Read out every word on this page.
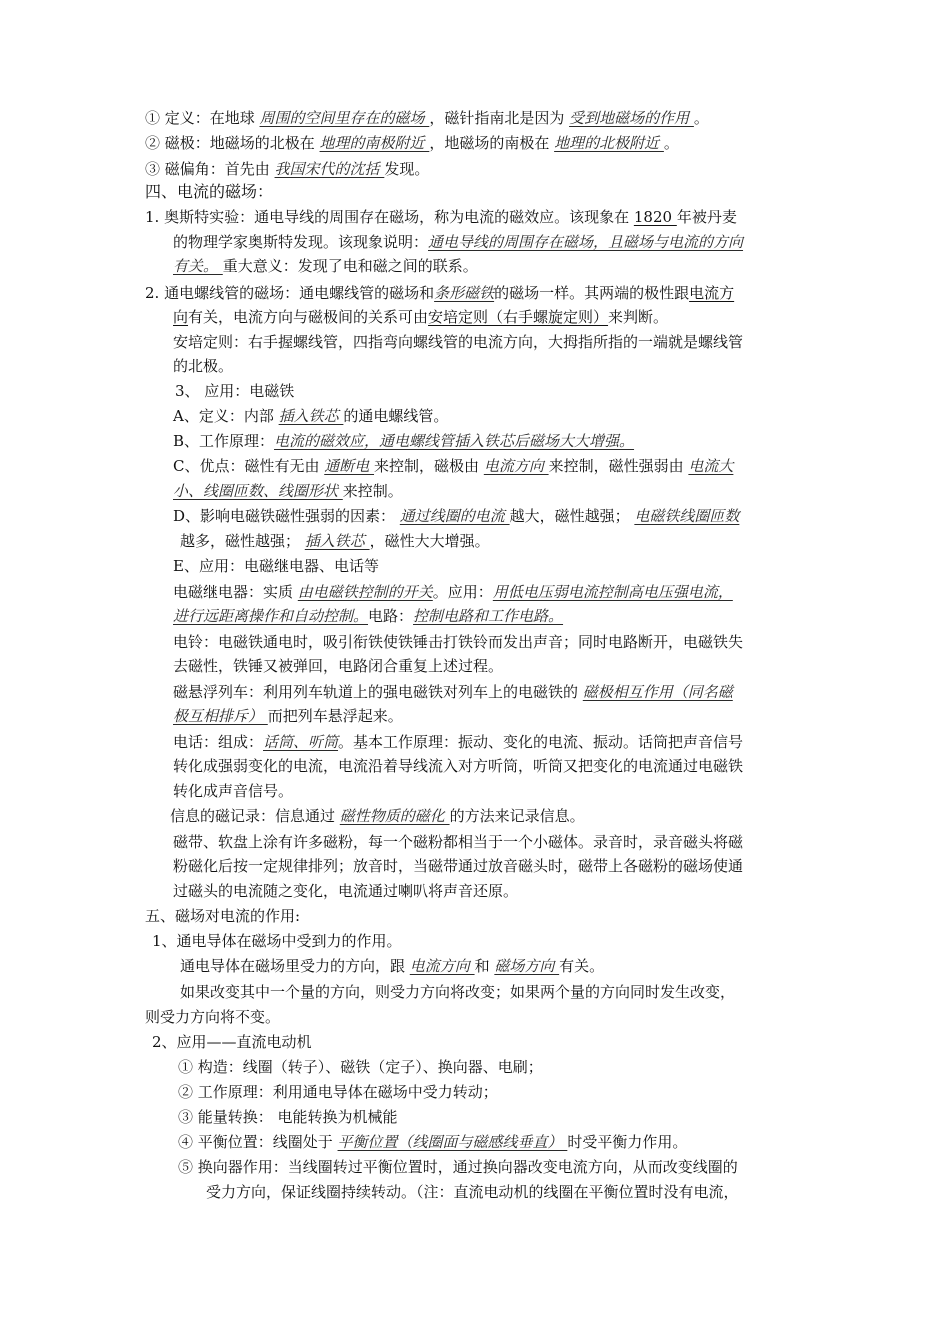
① 定义：在地球 周围的空间里存在的磁场 ，磁针指南北是因为 受到地磁场的作用 。
② 磁极：地磁场的北极在 地理的南极附近 ，地磁场的南极在 地理的北极附近 。
③ 磁偏角：首先由 我国宋代的沈括 发现。
四、电流的磁场：
1. 奥斯特实验：通电导线的周围存在磁场，称为电流的磁效应。该现象在 1820 年被丹麦
的物理学家奥斯特发现。该现象说明：通电导线的周围存在磁场，且磁场与电流的方向
有关。 重大意义：发现了电和磁之间的联系。
2. 通电螺线管的磁场：通电螺线管的磁场和条形磁铁的磁场一样。其两端的极性跟电流方
向有关，电流方向与磁极间的关系可由安培定则（右手螺旋定则）来判断。
安培定则：右手握螺线管，四指弯向螺线管的电流方向，大拇指所指的一端就是螺线管
的北极。
3、 应用：电磁铁
A、定义：内部 插入铁芯 的通电螺线管。
B、工作原理：电流的磁效应，通电螺线管插入铁芯后磁场大大增强。
C、优点：磁性有无由 通断电 来控制，磁极由 电流方向 来控制，磁性强弱由 电流大
小、线圈匝数、线圈形状 来控制。
D、影响电磁铁磁性强弱的因素： 通过线圈的电流 越大，磁性越强； 电磁铁线圈匝数
越多，磁性越强； 插入铁芯 ，磁性大大增强。
E、应用：电磁继电器、电话等
电磁继电器：实质 由电磁铁控制的开关。应用：用低电压弱电流控制高电压强电流，
进行远距离操作和自动控制。电路：控制电路和工作电路。
电铃：电磁铁通电时，吸引衔铁使铁锤击打铁铃而发出声音；同时电路断开，电磁铁失
去磁性，铁锤又被弹回，电路闭合重复上述过程。
磁悬浮列车：利用列车轨道上的强电磁铁对列车上的电磁铁的 磁极相互作用（同名磁
极互相排斥） 而把列车悬浮起来。
电话：组成：话筒、听筒。基本工作原理：振动、变化的电流、振动。话筒把声音信号
转化成强弱变化的电流，电流沿着导线流入对方听筒，听筒又把变化的电流通过电磁铁
转化成声音信号。
信息的磁记录：信息通过 磁性物质的磁化 的方法来记录信息。
磁带、软盘上涂有许多磁粉，每一个磁粉都相当于一个小磁体。录音时，录音磁头将磁
粉磁化后按一定规律排列；放音时，当磁带通过放音磁头时，磁带上各磁粉的磁场使通
过磁头的电流随之变化，电流通过喇叭将声音还原。
五、磁场对电流的作用:
1、通电导体在磁场中受到力的作用。
通电导体在磁场里受力的方向，跟 电流方向 和 磁场方向 有关。
如果改变其中一个量的方向，则受力方向将改变；如果两个量的方向同时发生改变，
则受力方向将不变。
2、应用——直流电动机
① 构造：线圈（转子）、磁铁（定子）、换向器、电刷；
② 工作原理：利用通电导体在磁场中受力转动；
③ 能量转换： 电能转换为机械能
④ 平衡位置：线圈处于 平衡位置（线圈面与磁感线垂直） 时受平衡力作用。
⑤ 换向器作用：当线圈转过平衡位置时，通过换向器改变电流方向，从而改变线圈的
受力方向，保证线圈持续转动。（注：直流电动机的线圈在平衡位置时没有电流，
